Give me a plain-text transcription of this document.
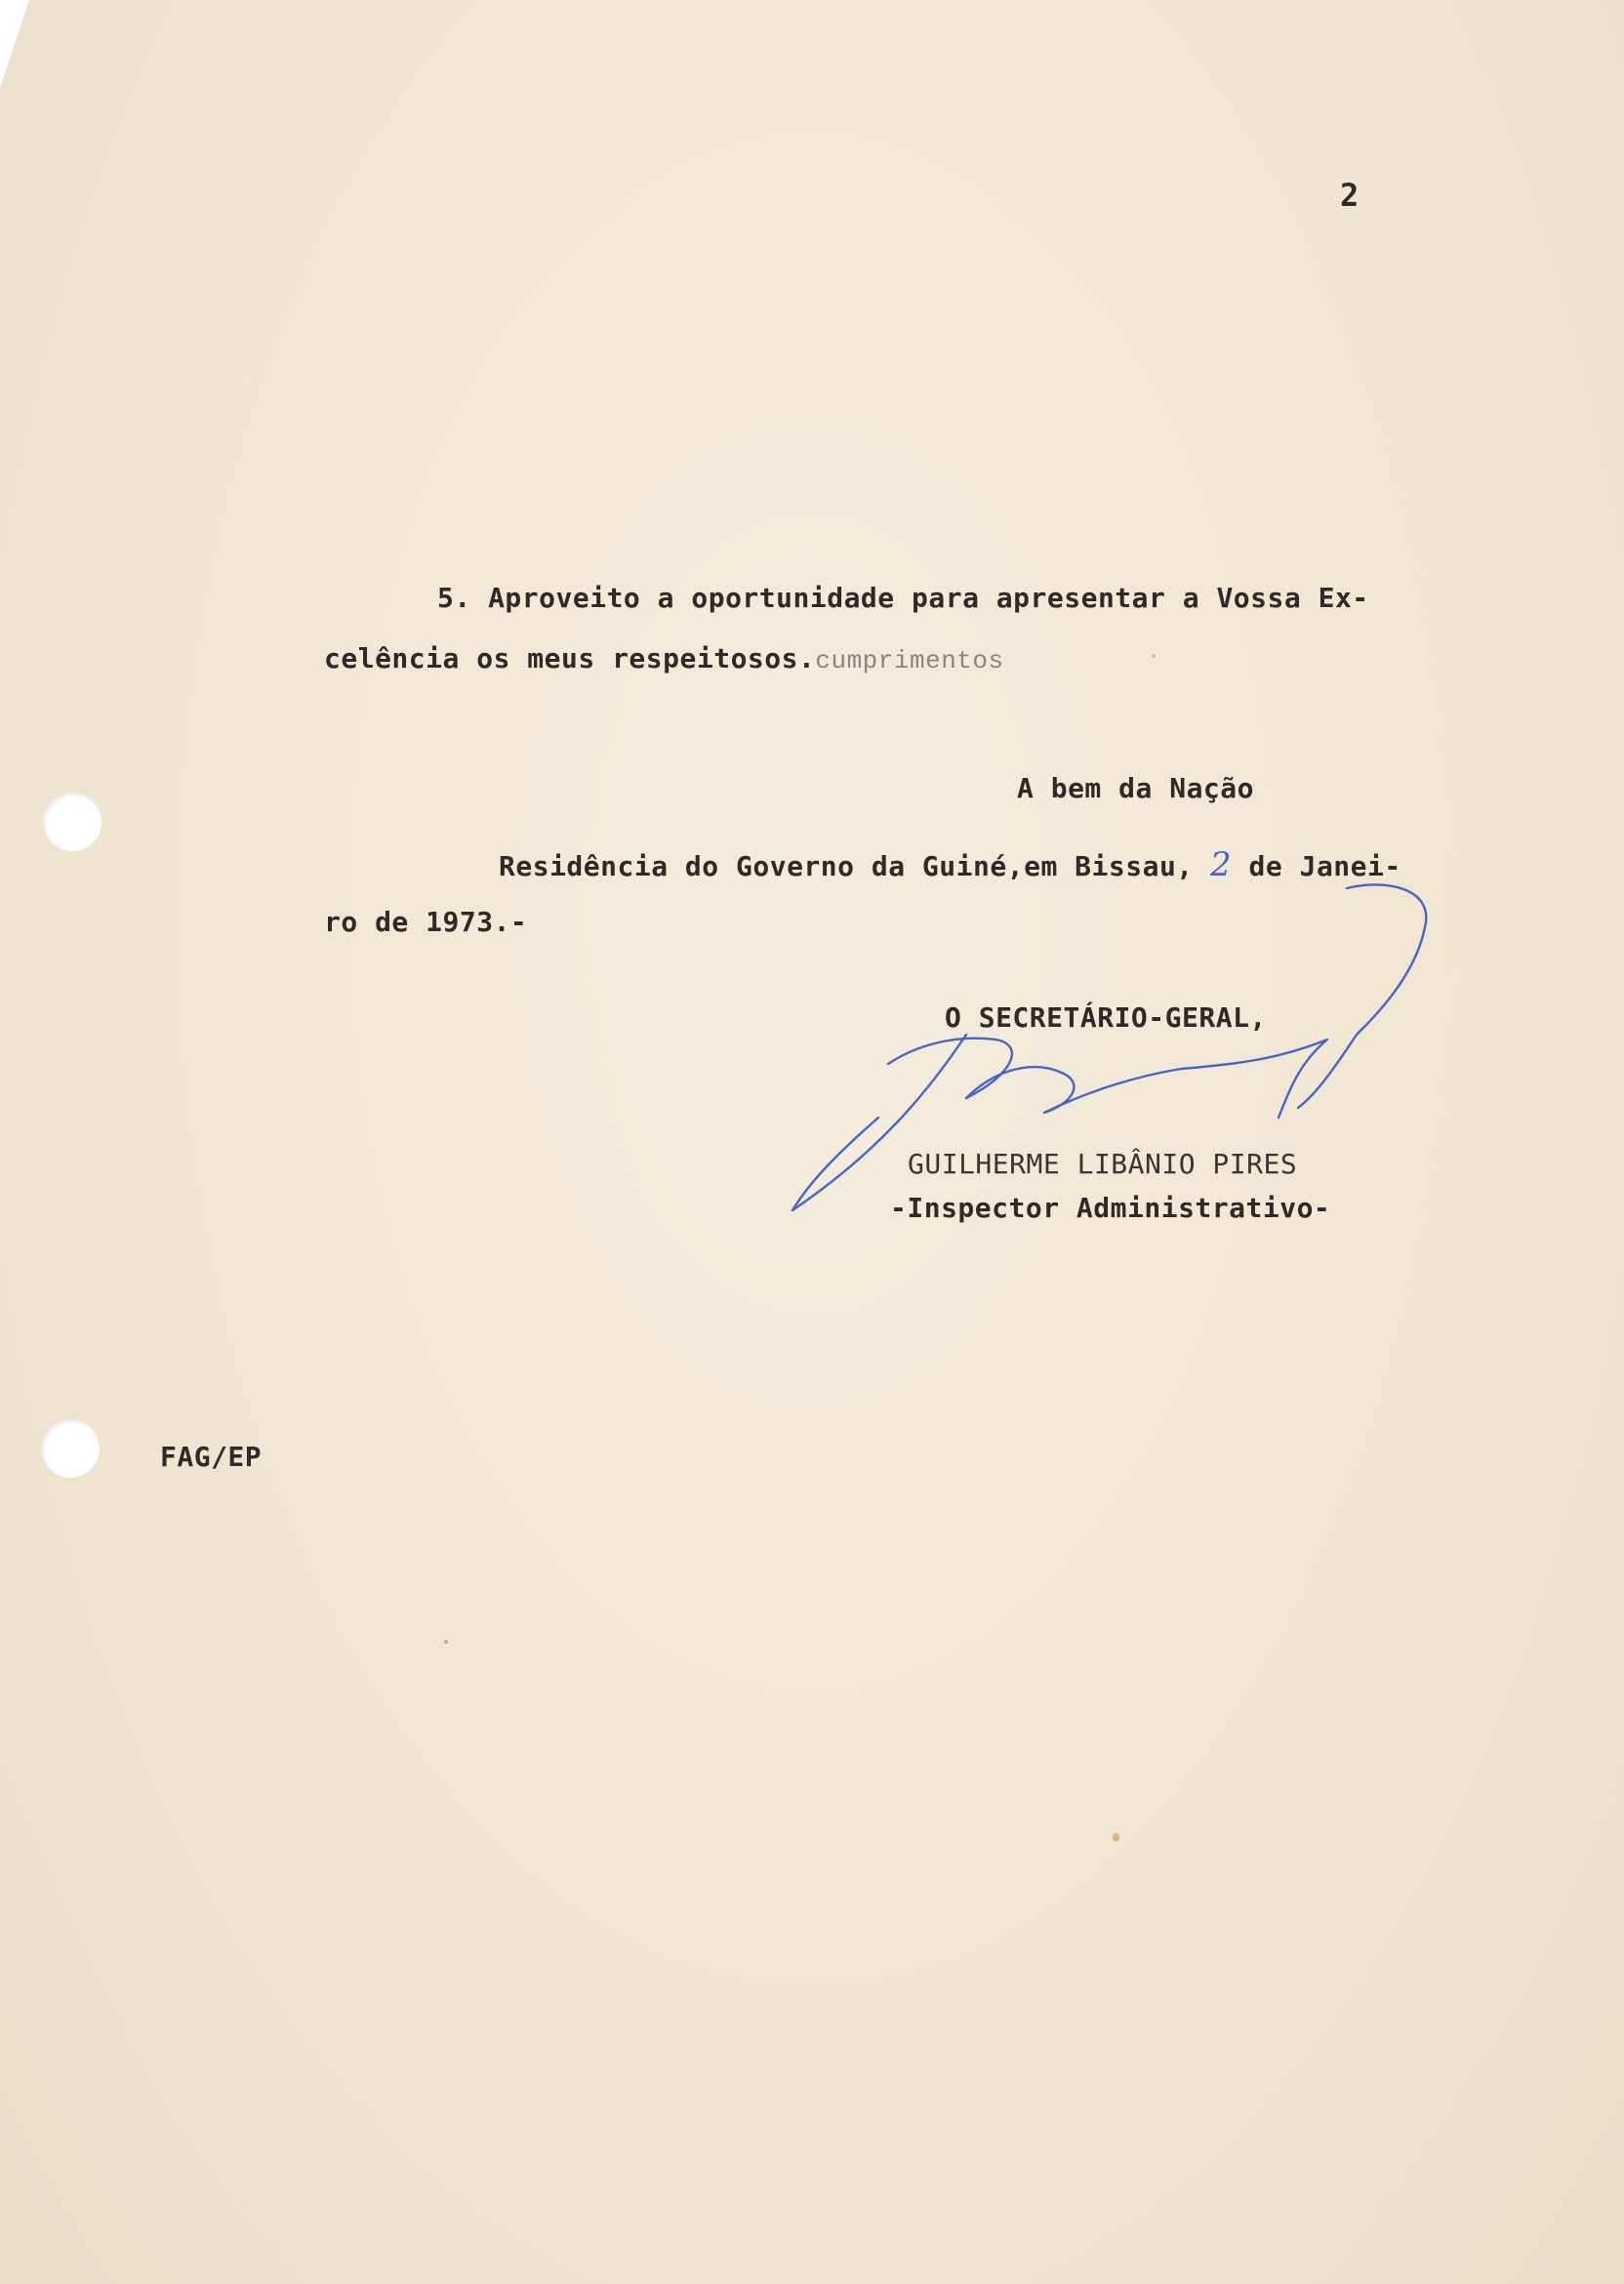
2
5. Aproveito a oportunidade para apresentar a Vossa Ex-
celência os meus respeitosos.cumprimentos
A bem da Nação
Residência do Governo da Guiné,em Bissau, 2 de Janei-
ro de 1973.-
O SECRETÁRIO-GERAL,
GUILHERME LIBÂNIO PIRES
-Inspector Administrativo-
FAG/EP
